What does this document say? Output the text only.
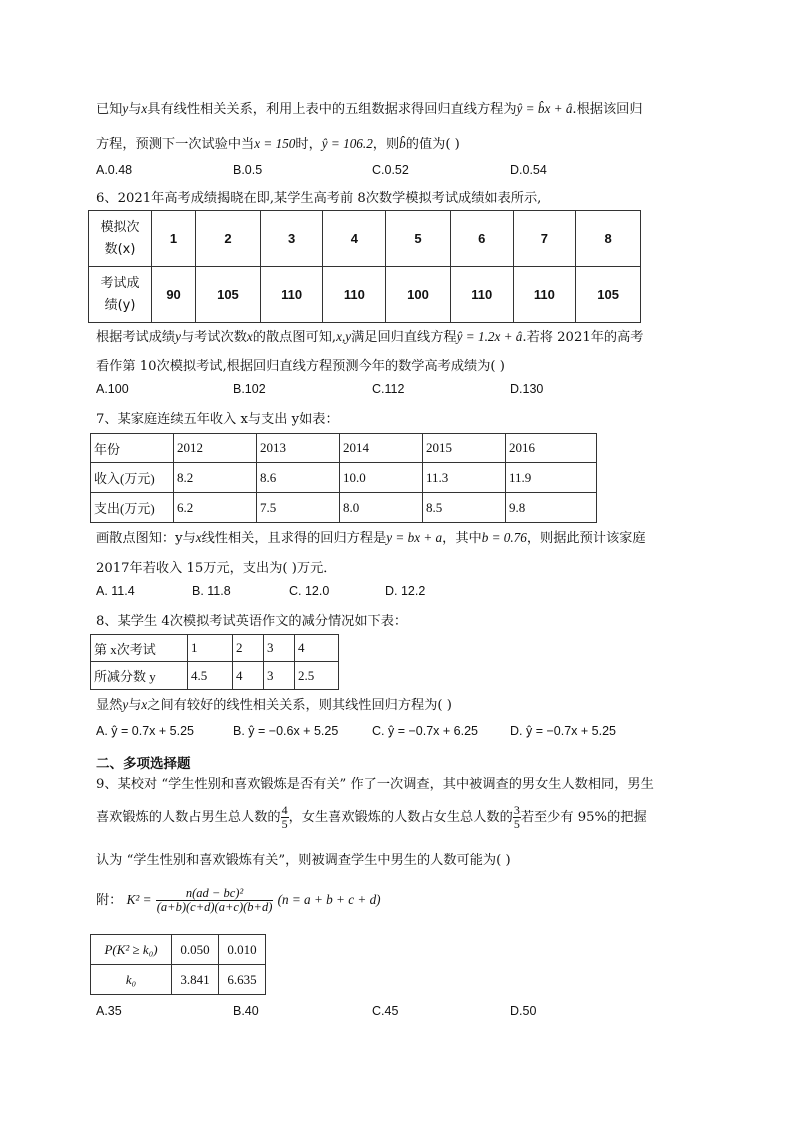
已知y与x具有线性相关关系，利用上表中的五组数据求得回归直线方程为ŷ = b̂x + â.根据该回归
方程，预测下一次试验中当x = 150时，ŷ = 106.2，则b̂的值为( )
A.0.48	B.0.5	C.0.52	D.0.54
6、2021年高考成绩揭晓在即,某学生高考前 8次数学模拟考试成绩如表所示,
模拟次
数(x)	1	2	3	4	5	6	7	8
考试成
绩(y)	90	105	110	110	100	110	110	105
根据考试成绩y与考试次数x的散点图可知,x,y满足回归直线方程ŷ = 1.2x + â.若将 2021年的高考
看作第 10次模拟考试,根据回归直线方程预测今年的数学高考成绩为( )
A.100	B.102	C.112	D.130
7、某家庭连续五年收入 x与支出 y如表：
年份	2012	2013	2014	2015	2016
收入(万元)	8.2	8.6	10.0	11.3	11.9
支出(万元)	6.2	7.5	8.0	8.5	9.8
画散点图知：y与x线性相关，且求得的回归方程是y = bx + a，其中b = 0.76，则据此预计该家庭
2017年若收入 15万元，支出为( )万元．
A. 11.4	B. 11.8	C. 12.0	D. 12.2
8、某学生 4次模拟考试英语作文的减分情况如下表：
第 x次考试	1	2	3	4
所减分数 y	4.5	4	3	2.5
显然y与x之间有较好的线性相关关系，则其线性回归方程为( )
A. ŷ = 0.7x + 5.25	B. ŷ = −0.6x + 5.25	C. ŷ = −0.7x + 6.25	D. ŷ = −0.7x + 5.25
二、多项选择题
9、某校对 “学生性别和喜欢锻炼是否有关” 作了一次调查，其中被调查的男女生人数相同，男生
喜欢锻炼的人数占男生总人数的 $\frac{4}{5}$ ，女生喜欢锻炼的人数占女生总人数的 $\frac{3}{5}$ 若至少有 95%的把握
认为 “学生性别和喜欢锻炼有关”，则被调查学生中男生的人数可能为( )
附： $K^2 = \frac{\text{n(ad − bc)²}}{(a+b)(c+d)(a+c)(b+d)} (n = a + b + c + d)$
P(K² ≥ k₀)	0.050	0.010
k₀	3.841	6.635
A.35	B.40	C.45	D.50
